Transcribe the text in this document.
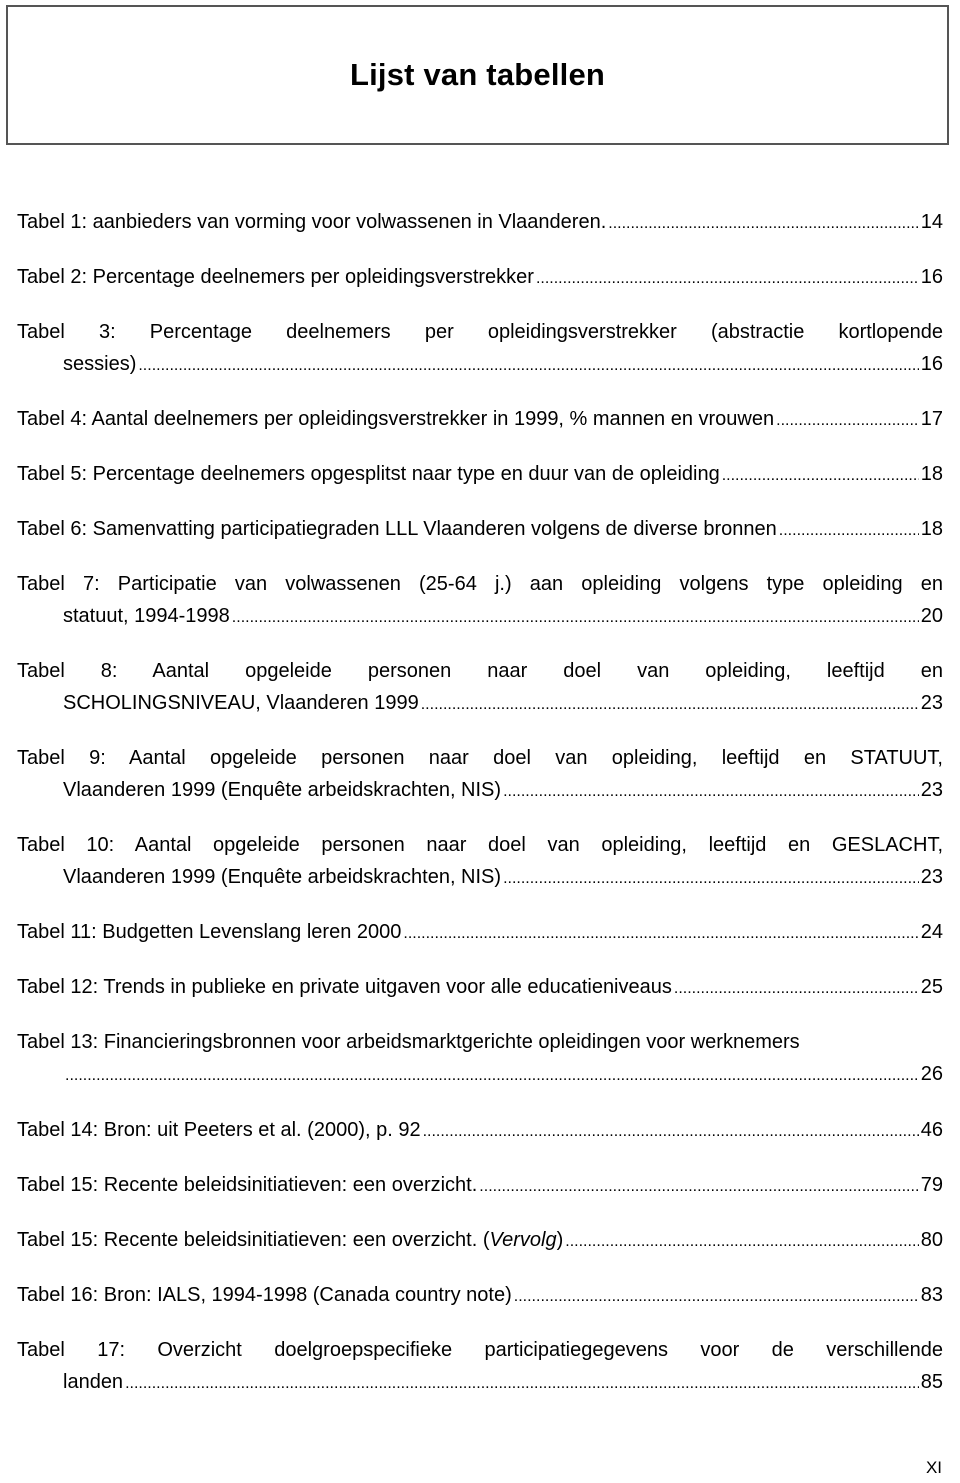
Lijst van tabellen
Tabel 1: aanbieders van vorming voor volwassenen in Vlaanderen. .....	14
Tabel 2: Percentage deelnemers per opleidingsverstrekker .....	16
Tabel 3: Percentage deelnemers per opleidingsverstrekker (abstractie kortlopende
sessies) .....	16
Tabel 4: Aantal deelnemers per opleidingsverstrekker in 1999, % mannen en vrouwen .....	17
Tabel 5: Percentage deelnemers opgesplitst naar type en duur van de opleiding .....	18
Tabel 6: Samenvatting participatiegraden LLL Vlaanderen volgens de diverse bronnen .....	18
Tabel 7: Participatie van volwassenen (25-64 j.) aan opleiding volgens type opleiding en
statuut, 1994-1998 .....	20
Tabel 8: Aantal opgeleide personen naar doel van opleiding, leeftijd en
SCHOLINGSNIVEAU, Vlaanderen 1999 .....	23
Tabel 9: Aantal opgeleide personen naar doel van opleiding, leeftijd en STATUUT,
Vlaanderen 1999 (Enquête arbeidskrachten, NIS) .....	23
Tabel 10: Aantal opgeleide personen naar doel van opleiding, leeftijd en GESLACHT,
Vlaanderen 1999 (Enquête arbeidskrachten, NIS) .....	23
Tabel 11: Budgetten Levenslang leren 2000 .....	24
Tabel 12: Trends in publieke en private uitgaven voor alle educatieniveaus .....	25
Tabel 13: Financieringsbronnen voor arbeidsmarktgerichte opleidingen voor werknemers
.....
26
Tabel 14: Bron: uit Peeters et al. (2000), p. 92 .....	46
Tabel 15: Recente beleidsinitiatieven: een overzicht. .....	79
Tabel 15: Recente beleidsinitiatieven: een overzicht. (Vervolg) .....	80
Tabel 16: Bron: IALS, 1994-1998 (Canada country note) .....	83
Tabel 17: Overzicht doelgroepspecifieke participatiegegevens voor de verschillende
landen .....	85
XI
